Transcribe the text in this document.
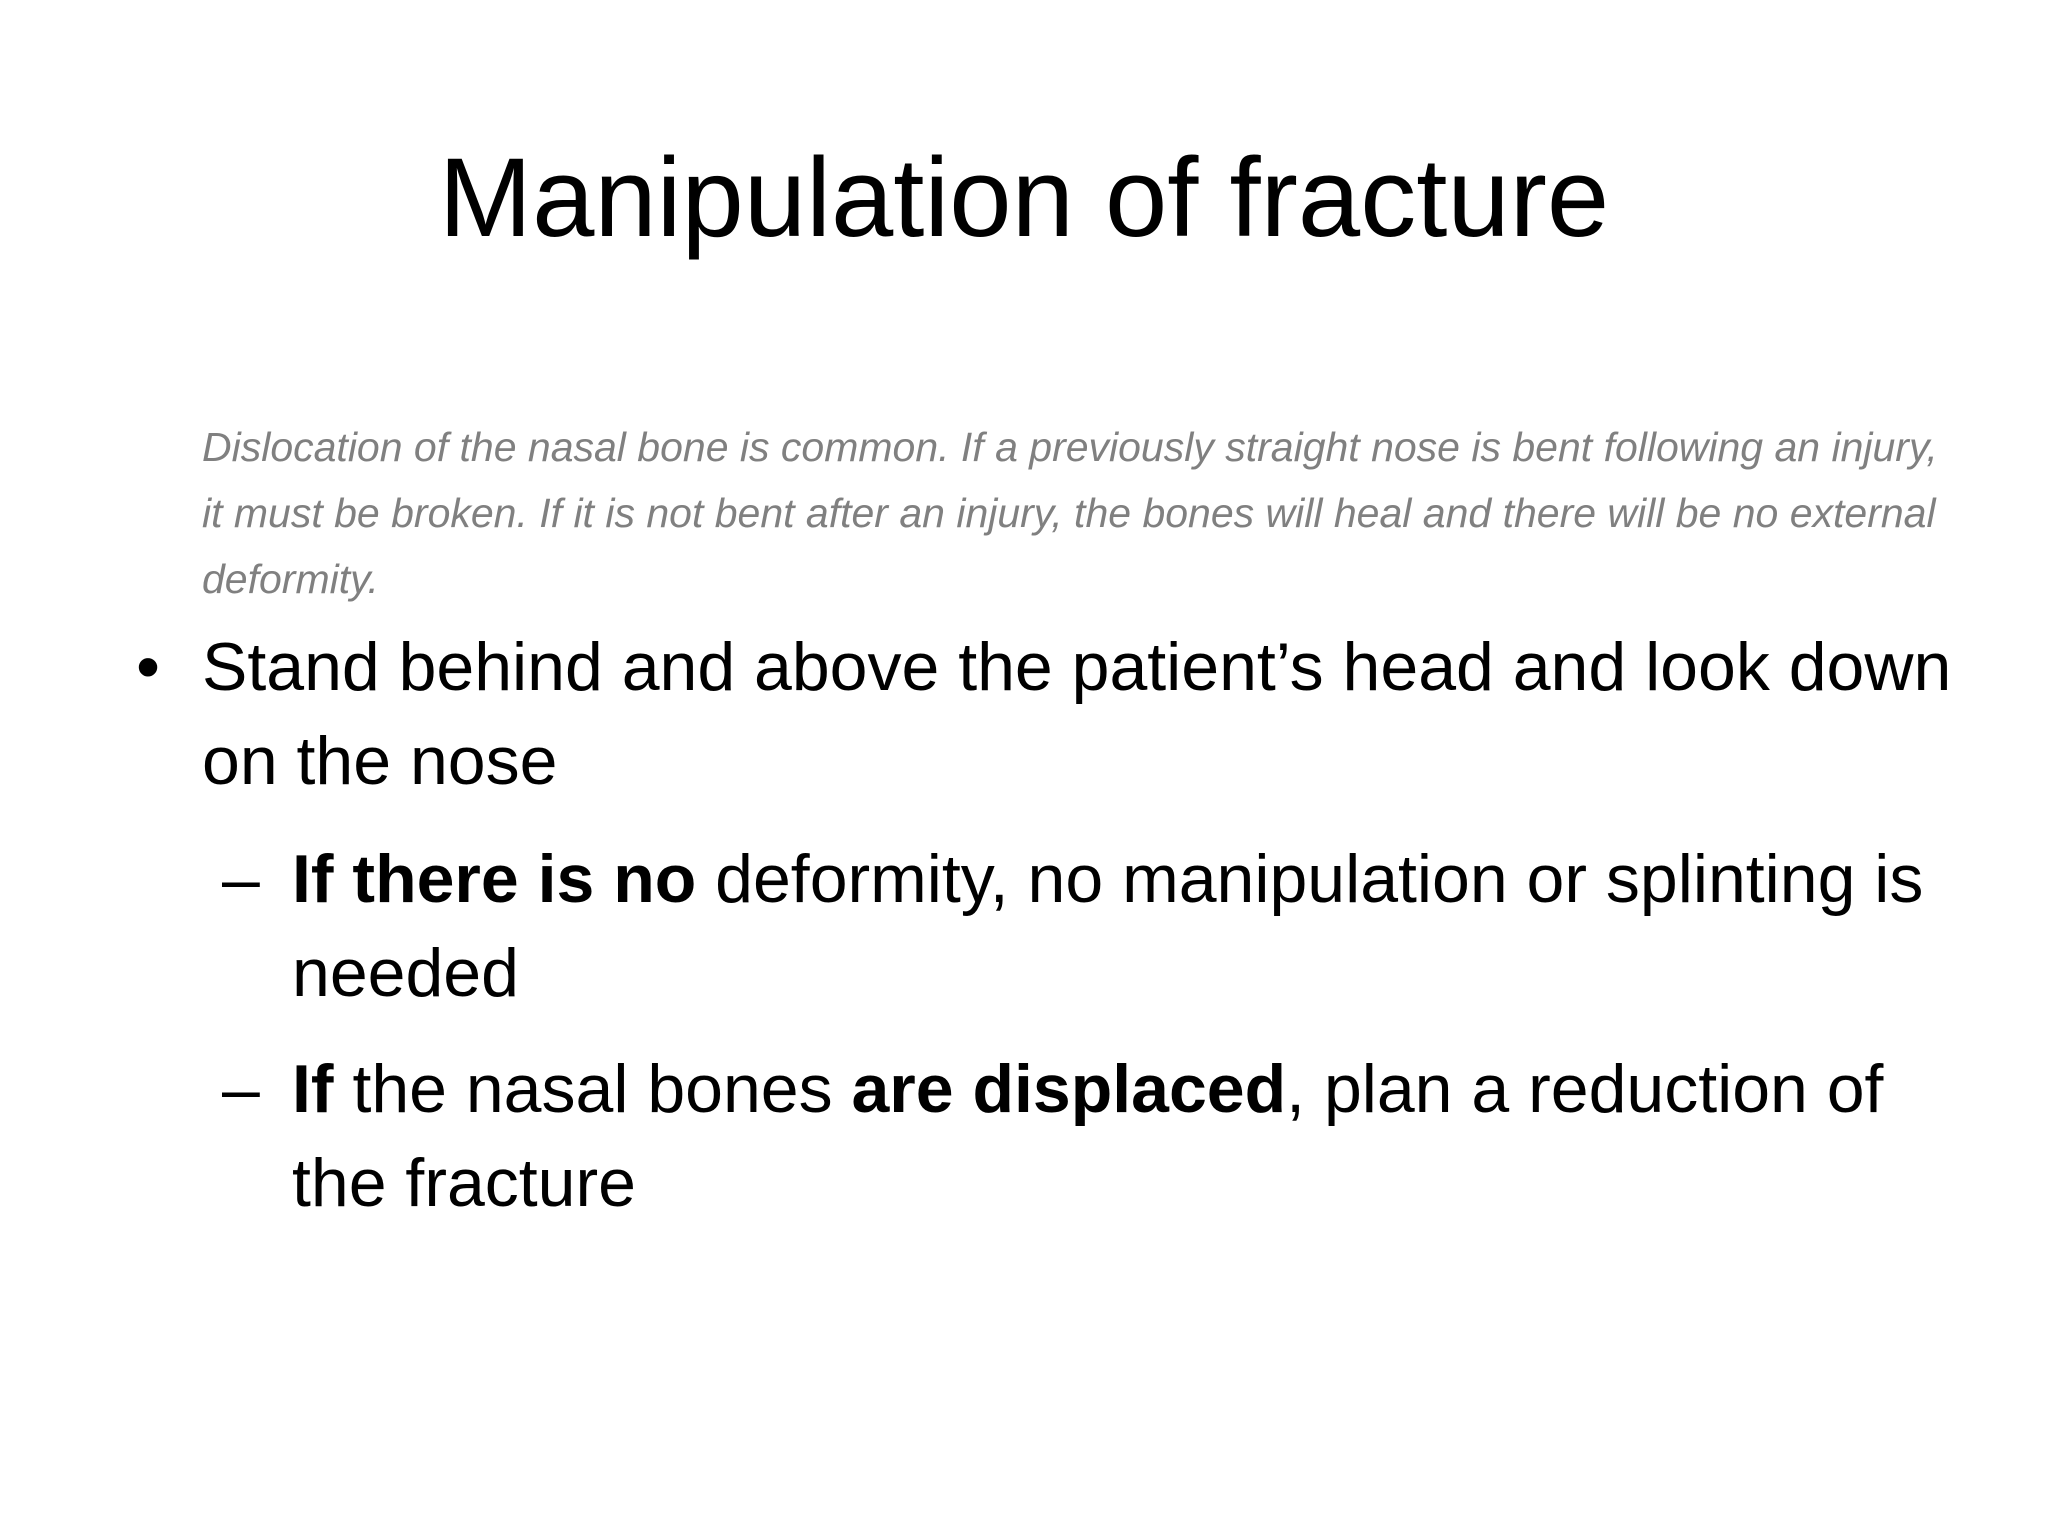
Manipulation of fracture

Dislocation of the nasal bone is common. If a previously straight nose is bent following an injury, it must be broken. If it is not bent after an injury, the bones will heal and there will be no external deformity.

• Stand behind and above the patient’s head and look down on the nose
– If there is no deformity, no manipulation or splinting is needed
– If the nasal bones are displaced, plan a reduction of the fracture
